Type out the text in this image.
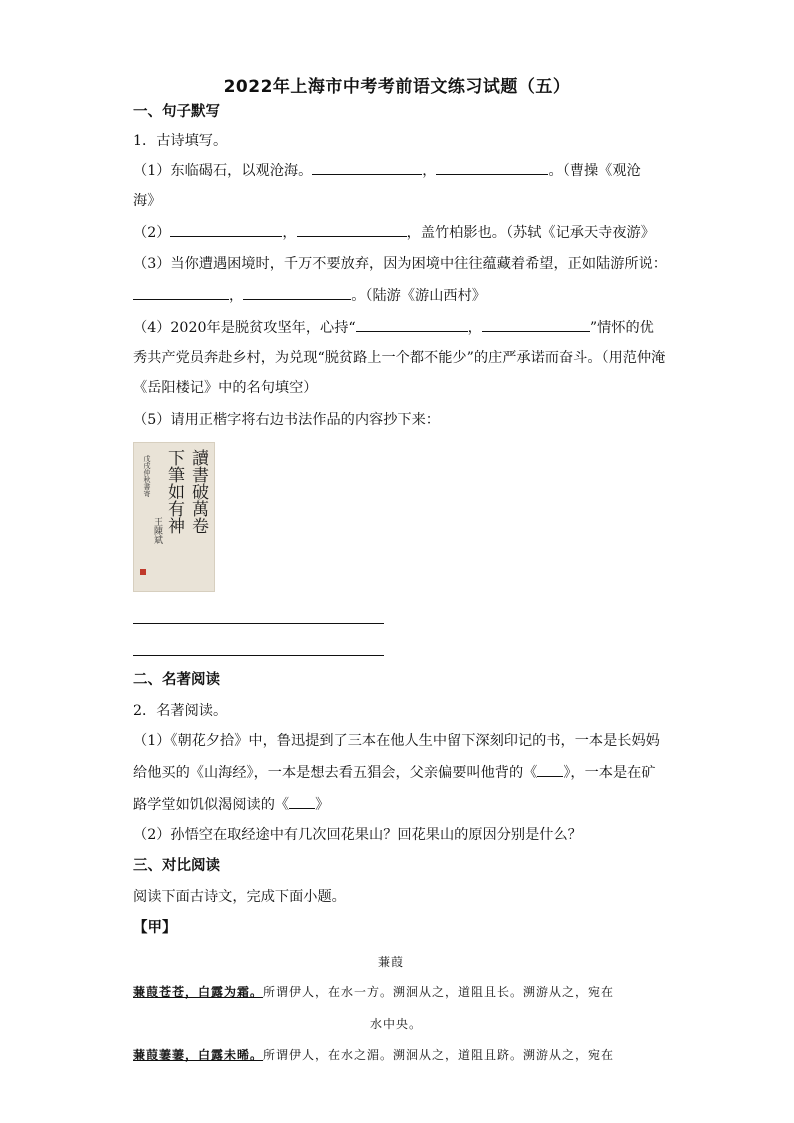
2022年上海市中考考前语文练习试题（五）
一、句子默写
1．古诗填写。
（1）东临碣石，以观沧海。	，	。（曹操《观沧
海》
（2）	，	，盖竹柏影也。（苏轼《记承天寺夜游》
（3）当你遭遇困境时，千万不要放弃，因为困境中往往蕴藏着希望，正如陆游所说：
，	。（陆游《游山西村》
（4）2020年是脱贫攻坚年，心持“	，	”情怀的优
秀共产党员奔赴乡村，为兑现“脱贫路上一个都不能少”的庄严承诺而奋斗。（用范仲淹
《岳阳楼记》中的名句填空）
（5）请用正楷字将右边书法作品的内容抄下来：
讀書破萬卷
下筆如有神
戊戌仲秋書寄
王陳斌
二、名著阅读
2．名著阅读。
（1）《朝花夕拾》中，鲁迅提到了三本在他人生中留下深刻印记的书，一本是长妈妈
给他买的《山海经》，一本是想去看五猖会，父亲偏要叫他背的《 》，一本是在矿
路学堂如饥似渴阅读的《 》
（2）孙悟空在取经途中有几次回花果山？回花果山的原因分别是什么？
三、对比阅读
阅读下面古诗文，完成下面小题。
【甲】
蒹葭
蒹葭苍苍，白露为霜。所谓伊人，在水一方。溯洄从之，道阻且长。溯游从之，宛在
水中央。
蒹葭萋萋，白露未晞。所谓伊人，在水之湄。溯洄从之，道阻且跻。溯游从之，宛在
